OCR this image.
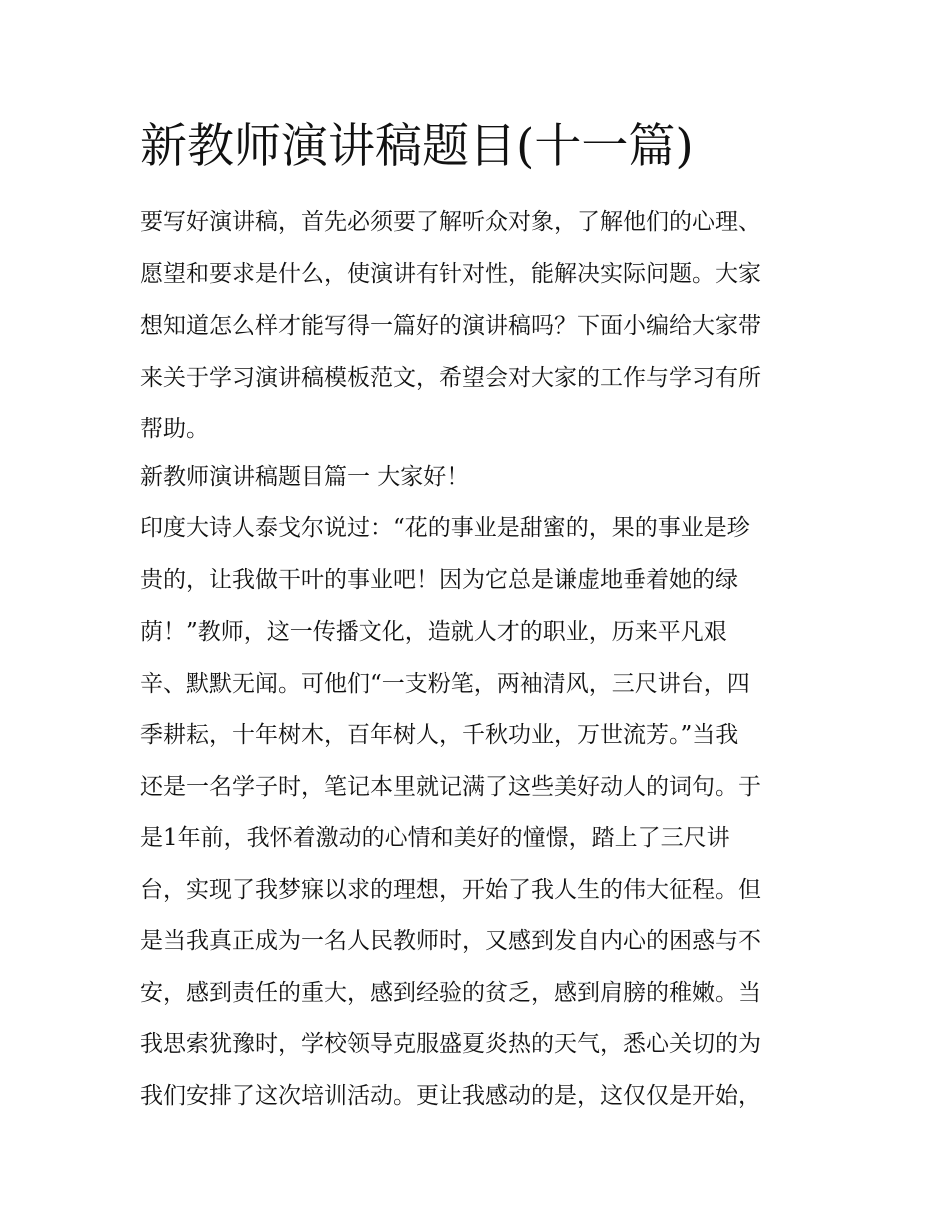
新教师演讲稿题目(十一篇)

要写好演讲稿，首先必须要了解听众对象，了解他们的心理、

愿望和要求是什么，使演讲有针对性，能解决实际问题。大家

想知道怎么样才能写得一篇好的演讲稿吗？下面小编给大家带

来关于学习演讲稿模板范文，希望会对大家的工作与学习有所

帮助。

新教师演讲稿题目篇一 大家好！

印度大诗人泰戈尔说过：“花的事业是甜蜜的，果的事业是珍

贵的，让我做干叶的事业吧！因为它总是谦虚地垂着她的绿

荫！”教师，这一传播文化，造就人才的职业，历来平凡艰

辛、默默无闻。可他们“一支粉笔，两袖清风，三尺讲台，四

季耕耘，十年树木，百年树人，千秋功业，万世流芳。”当我

还是一名学子时，笔记本里就记满了这些美好动人的词句。于

是1年前，我怀着激动的心情和美好的憧憬，踏上了三尺讲

台，实现了我梦寐以求的理想，开始了我人生的伟大征程。但

是当我真正成为一名人民教师时，又感到发自内心的困惑与不

安，感到责任的重大，感到经验的贫乏，感到肩膀的稚嫩。当

我思索犹豫时，学校领导克服盛夏炎热的天气，悉心关切的为

我们安排了这次培训活动。更让我感动的是，这仅仅是开始，
